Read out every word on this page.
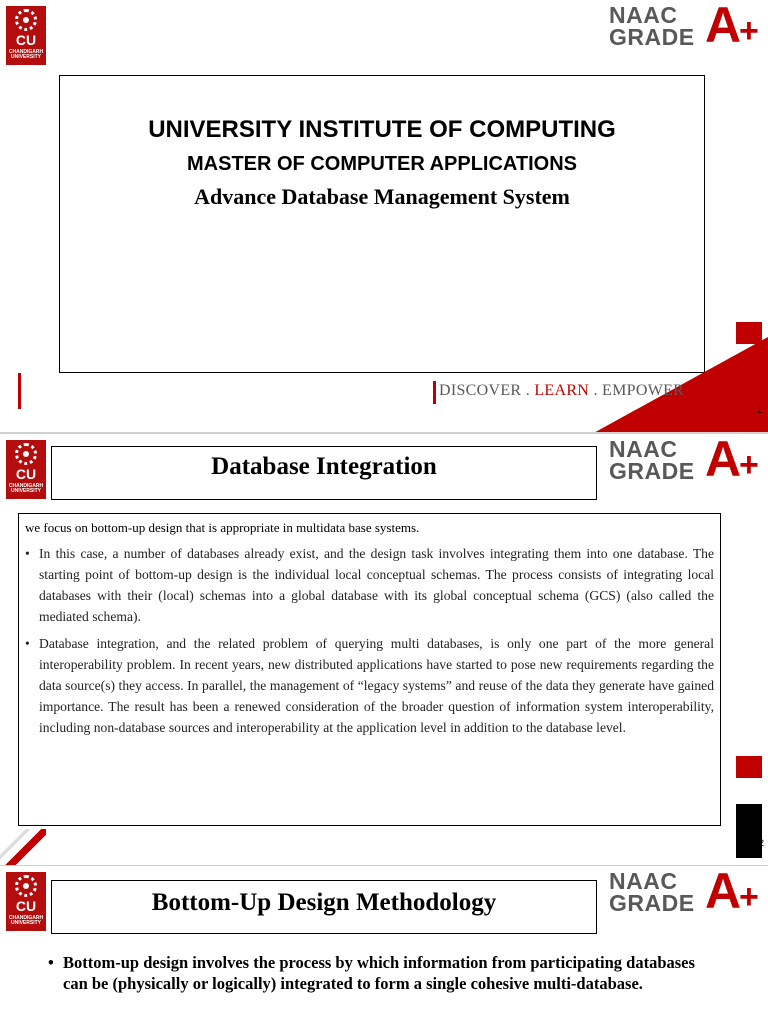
CU
CHANDIGARH
UNIVERSITY
NAAC
GRADE A
+
UNIVERSITY INSTITUTE OF COMPUTING
MASTER OF COMPUTER APPLICATIONS
Advance Database Management System
DISCOVER . LEARN . EMPOWER
1
CU
CHANDIGARH
UNIVERSITY
NAAC
GRADE A
+
Database Integration

we focus on bottom-up design that is appropriate in multidata base systems.

• In this case, a number of databases already exist, and the design task involves integrating them into one database. The starting point of bottom-up design is the individual local conceptual schemas. The process consists of integrating local databases with their (local) schemas into a global database with its global conceptual schema (GCS) (also called the mediated schema).
• Database integration, and the related problem of querying multi databases, is only one part of the more general interoperability problem. In recent years, new distributed applications have started to pose new requirements regarding the data source(s) they access. In parallel, the management of “legacy systems” and reuse of the data they generate have gained importance. The result has been a renewed consideration of the broader question of information system interoperability, including non-database sources and interoperability at the application level in addition to the database level.
2
CU
CHANDIGARH
UNIVERSITY
NAAC
GRADE A
+
Bottom-Up Design Methodology
• Bottom-up design involves the process by which information from participating databases can be (physically or logically) integrated to form a single cohesive multi-database.
